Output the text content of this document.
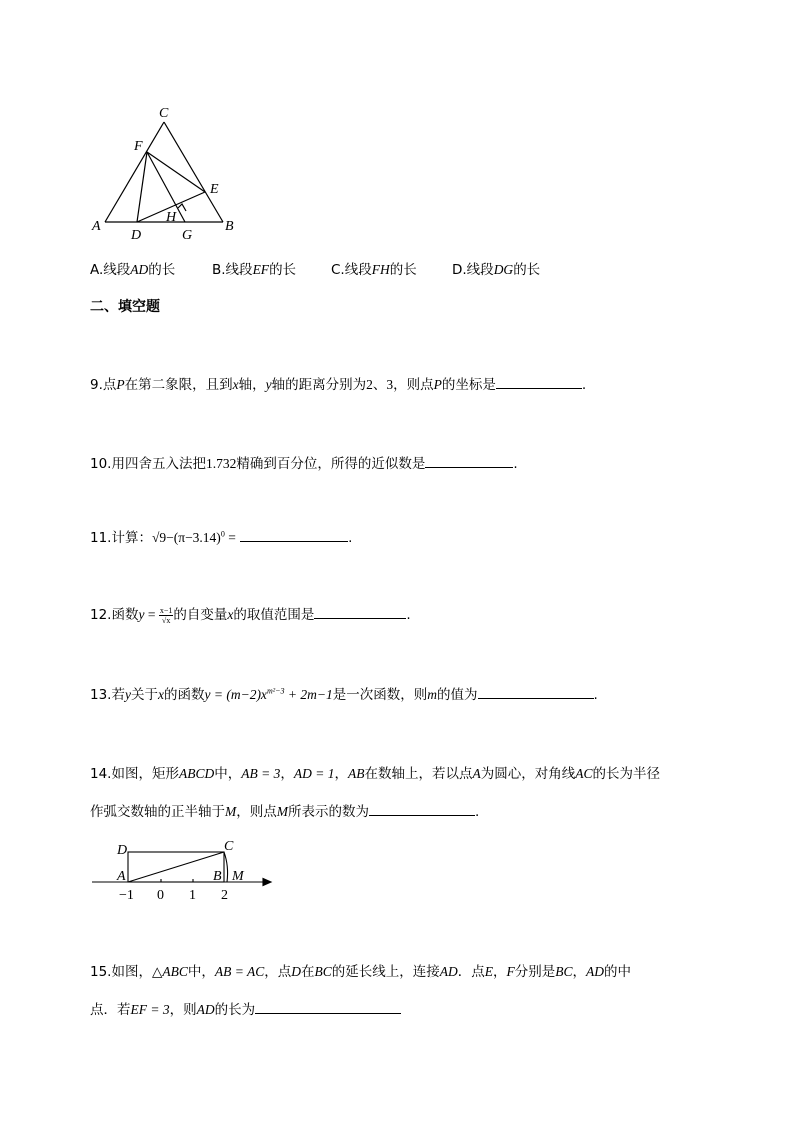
C
F
E
A	B
D	G
H
A.线段AD的长	B.线段EF的长	C.线段FH的长	D.线段DG的长
二、填空题
9.点P在第二象限，且到x轴，y轴的距离分别为2、3，则点P的坐标是	.
10.用四舍五入法把1.732精确到百分位，所得的近似数是	.
11.计算：$√9-(\pi-3.14)^0$ =	.
12.函数$y = \frac{x-1}{√x}$ 的自变量x的取值范围是	.
13.若y关于x的函数$y = (m-2)x^{m^2-3} + 2m-1$是一次函数，则m的值为	.
14.如图，矩形ABCD中，AB = 3，AD = 1，AB在数轴上，若以点A为圆心，对角线AC的长为半径
作弧交数轴的正半轴于M，则点M所表示的数为	.
D	C
A	B M
−1 0 1 2
15.如图，△ABC中，AB = AC，点D在BC的延长线上，连接AD．点E，F分别是BC，AD的中
点．若EF = 3，则AD的长为
